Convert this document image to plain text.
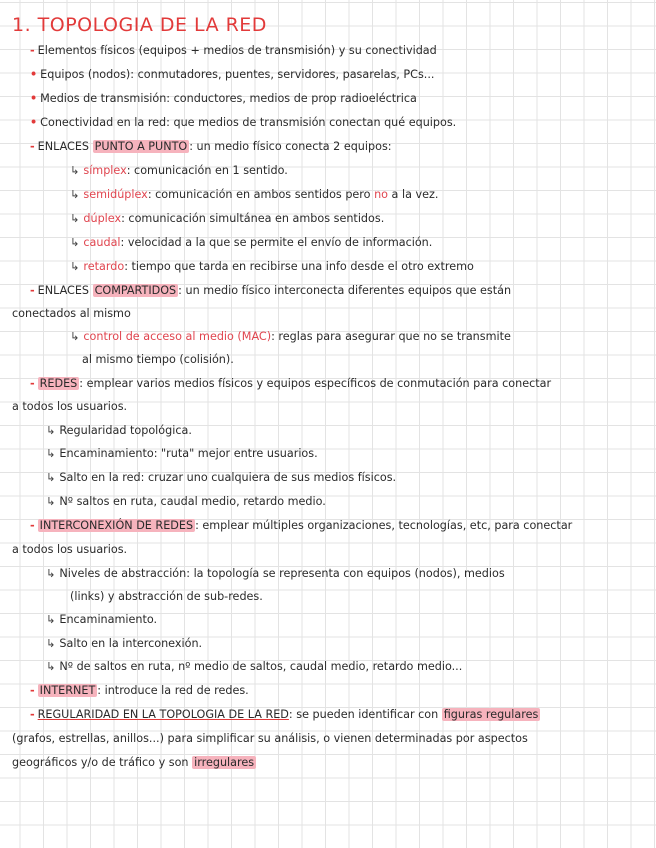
1. TOPOLOGIA DE LA RED
- Elementos físicos (equipos + medios de transmisión) y su conectividad
• Equipos (nodos): conmutadores, puentes, servidores, pasarelas, PCs...
• Medios de transmisión: conductores, medios de prop radioeléctrica
• Conectividad en la red: que medios de transmisión conectan qué equipos.
- ENLACES PUNTO A PUNTO : un medio físico conecta 2 equipos:
↳ símplex: comunicación en 1 sentido.
↳ semidúplex: comunicación en ambos sentidos pero no a la vez.
↳ dúplex: comunicación simultánea en ambos sentidos.
↳ caudal: velocidad a la que se permite el envío de información.
↳ retardo: tiempo que tarda en recibirse una info desde el otro extremo
- ENLACES COMPARTIDOS : un medio físico interconecta diferentes equipos que están
conectados al mismo
↳ control de acceso al medio (MAC): reglas para asegurar que no se transmite
al mismo tiempo (colisión).
- REDES : emplear varios medios físicos y equipos específicos de conmutación para conectar
a todos los usuarios.
↳ Regularidad topológica.
↳ Encaminamiento: "ruta" mejor entre usuarios.
↳ Salto en la red: cruzar uno cualquiera de sus medios físicos.
↳ Nº saltos en ruta, caudal medio, retardo medio.
- INTERCONEXIÓN DE REDES : emplear múltiples organizaciones, tecnologías, etc, para conectar
a todos los usuarios.
↳ Niveles de abstracción: la topología se representa con equipos (nodos), medios
(links) y abstracción de sub-redes.
↳ Encaminamiento.
↳ Salto en la interconexión.
↳ Nº de saltos en ruta, nº medio de saltos, caudal medio, retardo medio...
- INTERNET : introduce la red de redes.
- REGULARIDAD EN LA TOPOLOGIA DE LA RED: se pueden identificar con figuras regulares
(grafos, estrellas, anillos...) para simplificar su análisis, o vienen determinadas por aspectos
geográficos y/o de tráfico y son irregulares
